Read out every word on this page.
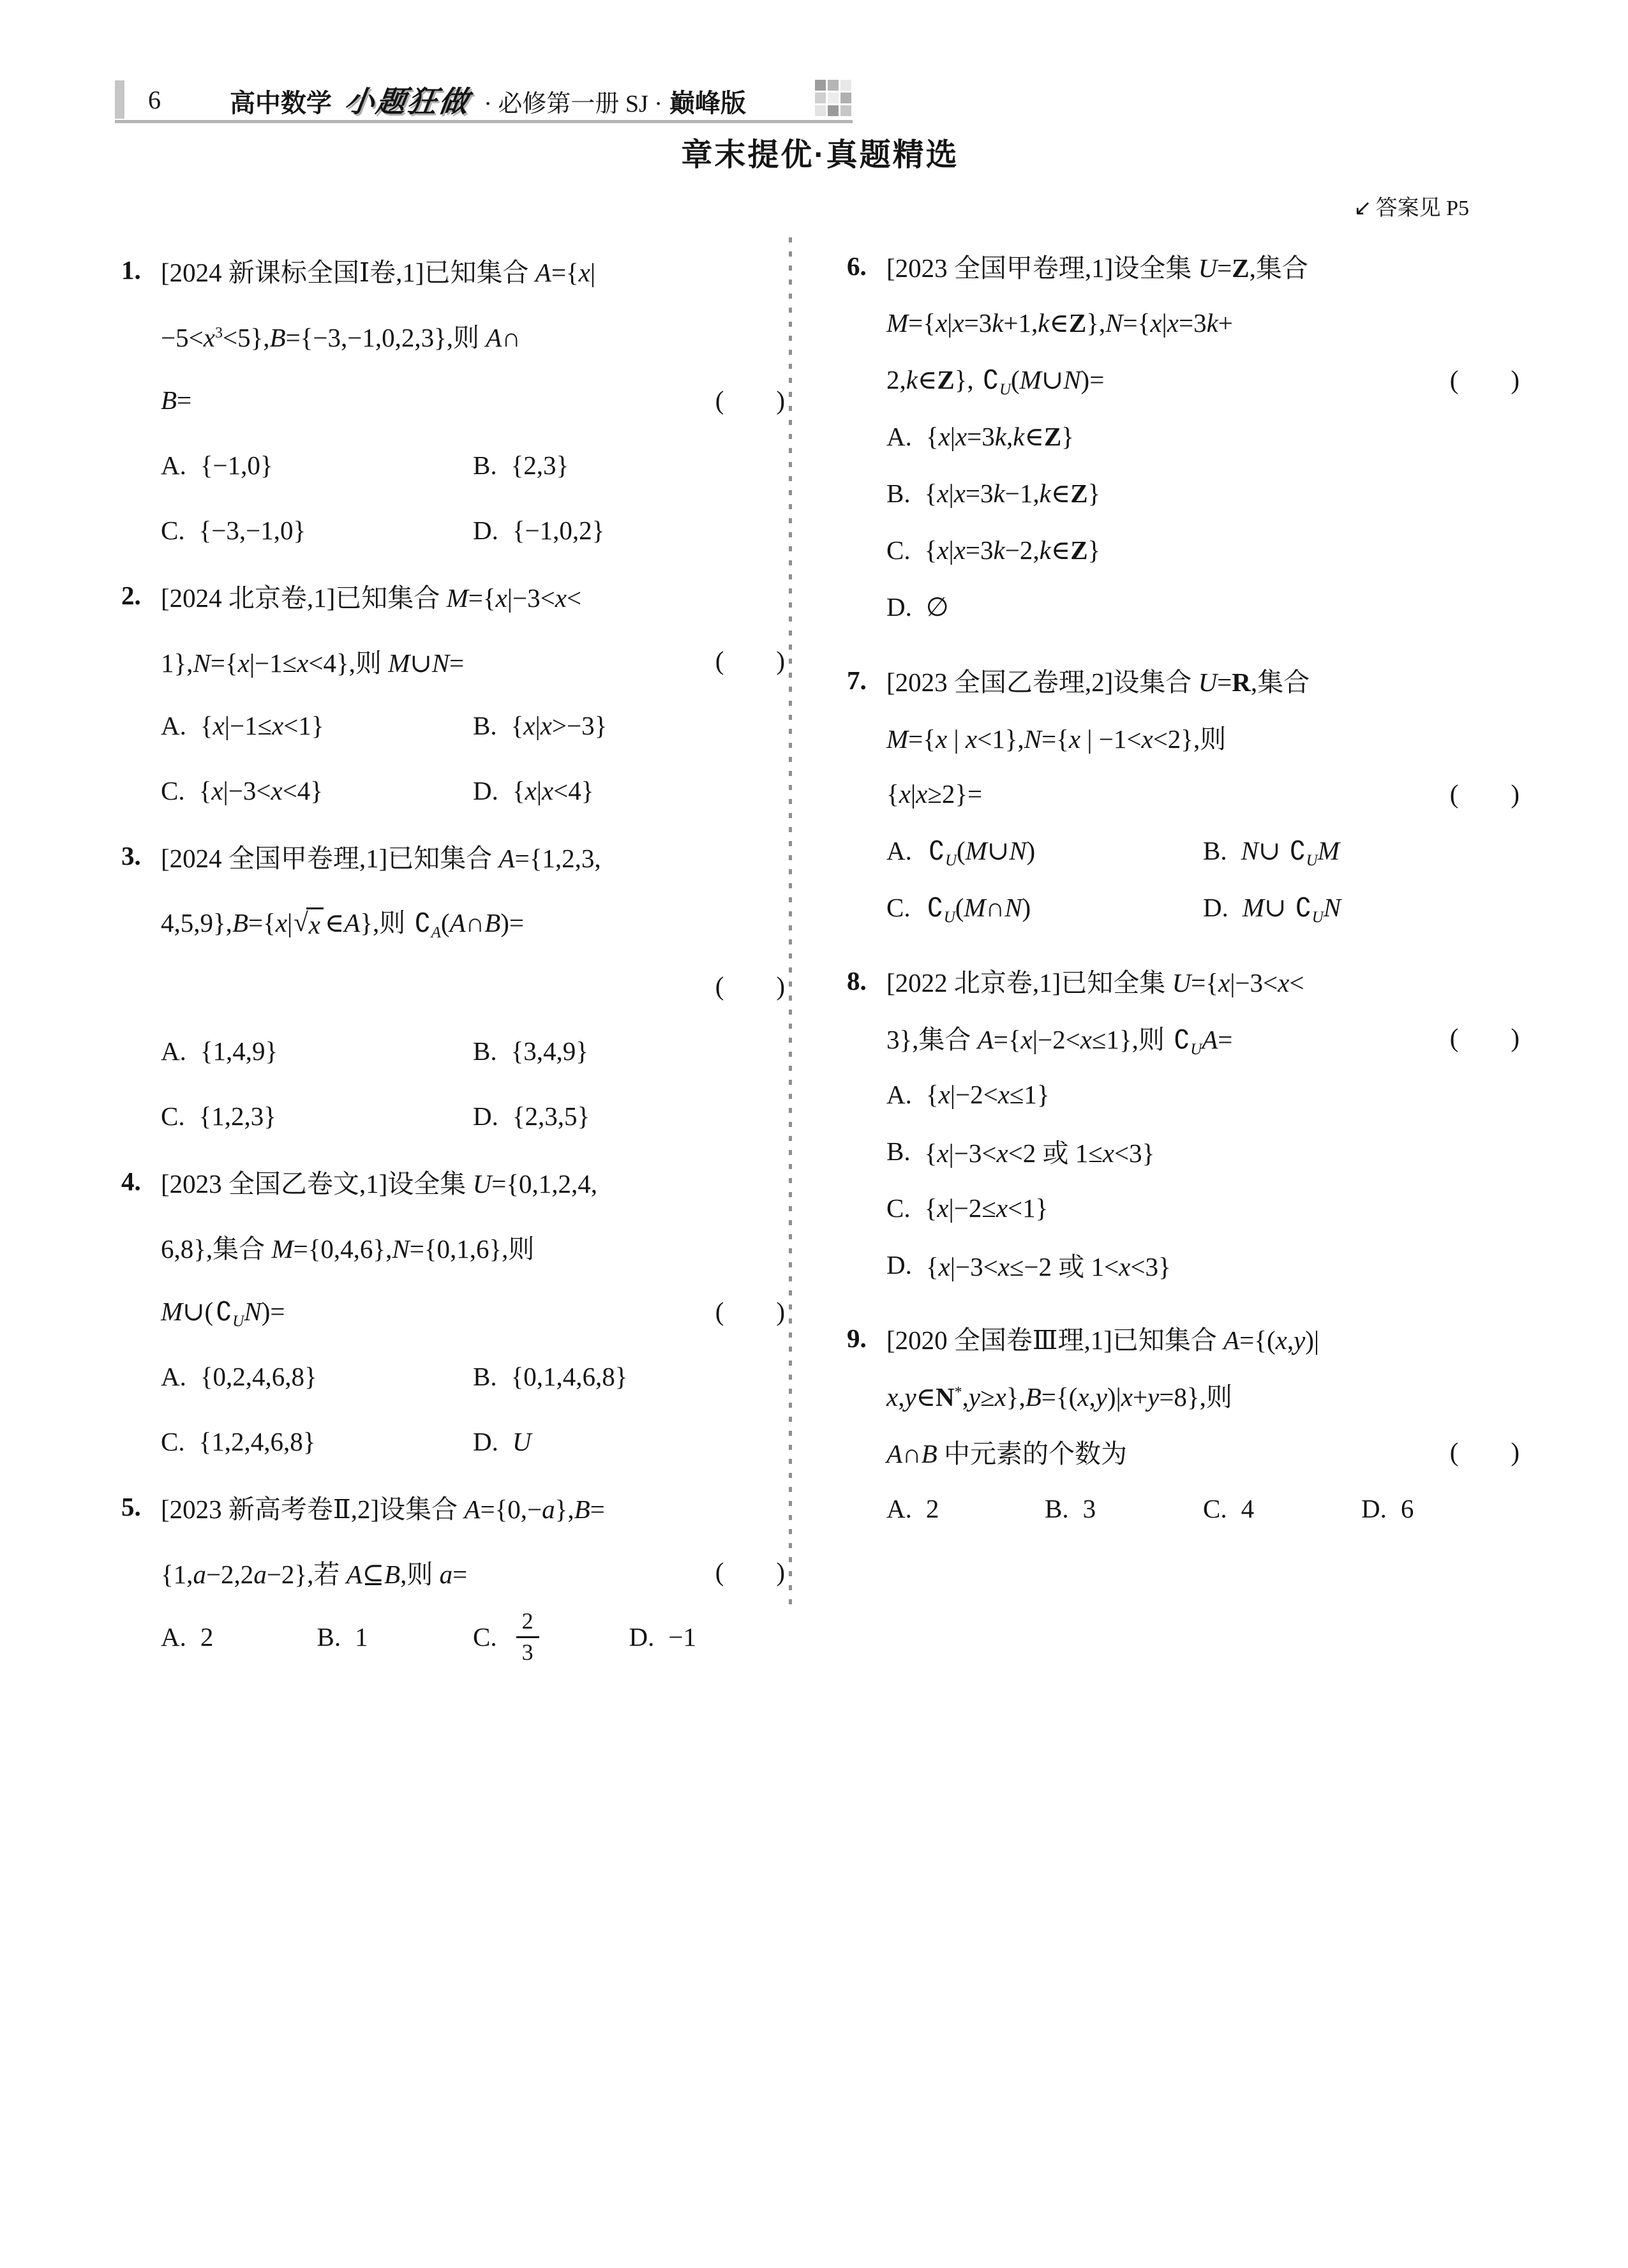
6	高中数学 小题狂做 · 必修第一册 SJ · 巅峰版
章末提优·真题精选
↙ 答案见 P5
1. [2024 新课标全国Ⅰ卷,1]已知集合 A={x|
$-5<x^3<5\},B=\{-3,-1,0,2,3\}$,则 A∩
B=	(        )
A. {−1,0}	B. {2,3}
C. {−3,−1,0}	D. {−1,0,2}
2. [2024 北京卷,1]已知集合 M={x|−3<x<
1},N={x|−1≤x<4},则 M∪N=	(        )
A. {x|−1≤x<1}	B. {x|x>−3}
C. {x|−3<x<4}	D. {x|x<4}
3. [2024 全国甲卷理,1]已知集合 A={1,2,3,
4,5,9},B={x| √ x ∈A},则 $∁_A(A\cap B)=$
(        )
A. {1,4,9}	B. {3,4,9}
C. {1,2,3}	D. {2,3,5}
4. [2023 全国乙卷文,1]设全集 U={0,1,2,4,
6,8},集合 M={0,4,6},N={0,1,6},则
$M\cup(∁_UN)=$	(        )
A. {0,2,4,6,8}	B. {0,1,4,6,8}
C. {1,2,4,6,8}	D. U
5. [2023 新高考卷Ⅱ,2]设集合 A={0,−a},B=
{1,a−2,2a−2},若 A⊆B,则 a=	(        )
A. 2	B. 1	C. $\frac{2}{3}$	D. −1
6. [2023 全国甲卷理,1]设全集 U=Z,集合
M={x|x=3k+1,k∈Z},N={x|x=3k+
2,k∈Z}, $∁_U(M\cup N)=$	(        )
A. {x|x=3k,k∈Z}
B. {x|x=3k−1,k∈Z}
C. {x|x=3k−2,k∈Z}
D. ∅
7. [2023 全国乙卷理,2]设集合 U=R,集合
M={x | x<1},N={x | −1<x<2},则
{x|x≥2}=	(        )
A. $∁_U(M\cup N)$	B. N∪ $∁_UM$
C. $∁_U(M\cap N)$	D. M∪ $∁_UN$
8. [2022 北京卷,1]已知全集 U={x|−3<x<
3},集合 A={x|−2<x≤1},则 $∁_UA=$	(        )
A. {x|−2<x≤1}
B. {x|−3<x<2 或 1≤x<3}
C. {x|−2≤x<1}
D. {x|−3<x≤−2 或 1<x<3}
9. [2020 全国卷Ⅲ理,1]已知集合 A={(x,y)|
x,y∈N*,y≥x},B={(x,y)|x+y=8},则
A∩B 中元素的个数为	(        )
A. 2	B. 3	C. 4	D. 6
